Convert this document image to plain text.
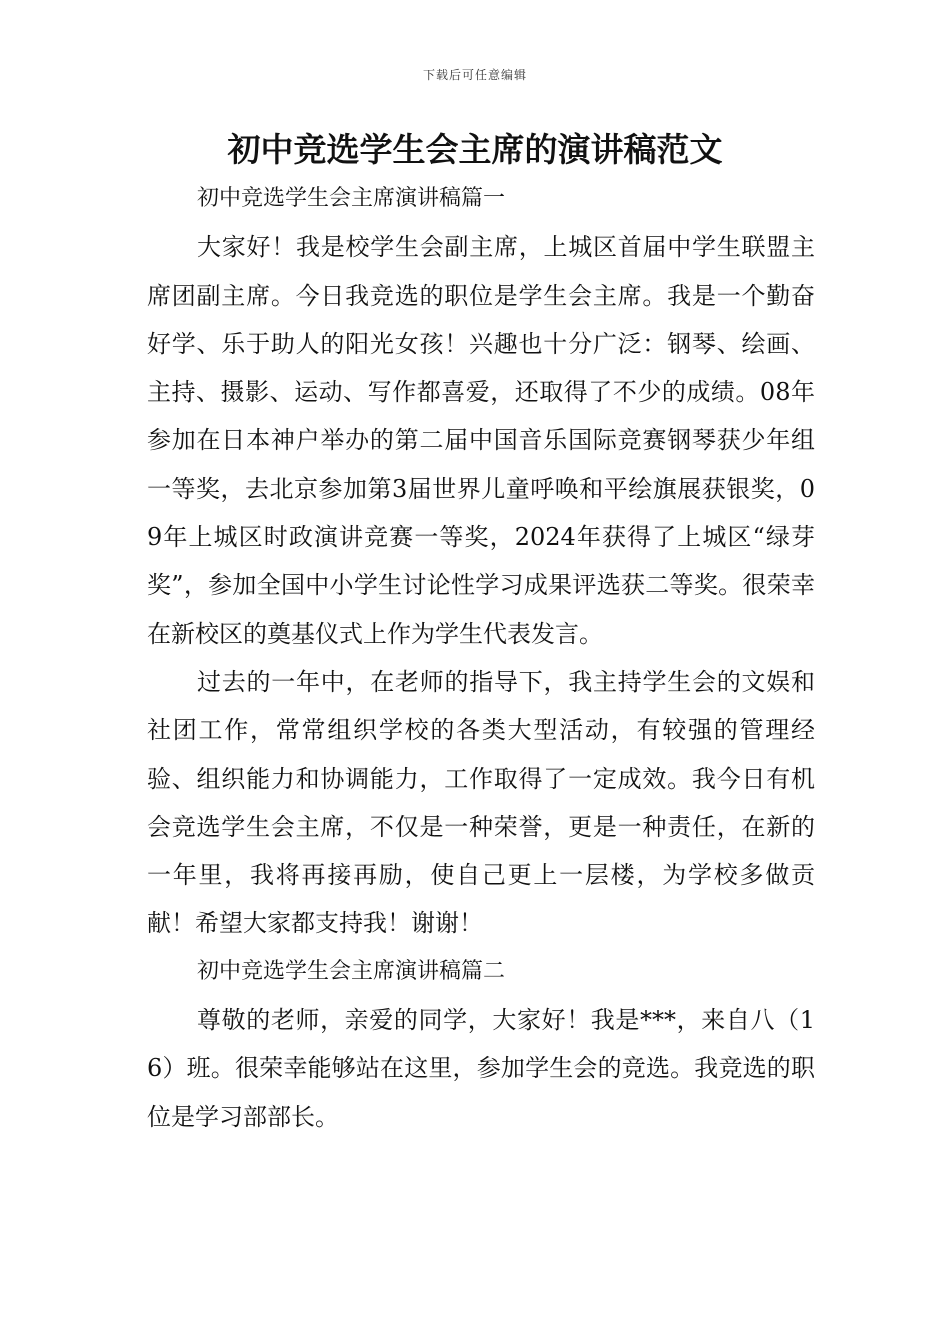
下载后可任意编辑
初中竞选学生会主席的演讲稿范文

初中竞选学生会主席演讲稿篇一

大家好！我是校学生会副主席，上城区首届中学生联盟主席团副主席。今日我竞选的职位是学生会主席。我是一个勤奋好学、乐于助人的阳光女孩！兴趣也十分广泛：钢琴、绘画、主持、摄影、运动、写作都喜爱，还取得了不少的成绩。08年参加在日本神户举办的第二届中国音乐国际竞赛钢琴获少年组一等奖，去北京参加第3届世界儿童呼唤和平绘旗展获银奖，09年上城区时政演讲竞赛一等奖，2024年获得了上城区“绿芽奖”，参加全国中小学生讨论性学习成果评选获二等奖。很荣幸在新校区的奠基仪式上作为学生代表发言。

过去的一年中，在老师的指导下，我主持学生会的文娱和社团工作，常常组织学校的各类大型活动，有较强的管理经验、组织能力和协调能力，工作取得了一定成效。我今日有机会竞选学生会主席，不仅是一种荣誉，更是一种责任，在新的一年里，我将再接再励，使自己更上一层楼，为学校多做贡献！希望大家都支持我！谢谢！

初中竞选学生会主席演讲稿篇二

尊敬的老师，亲爱的同学，大家好！我是***，来自八（16）班。很荣幸能够站在这里，参加学生会的竞选。我竞选的职位是学习部部长。
